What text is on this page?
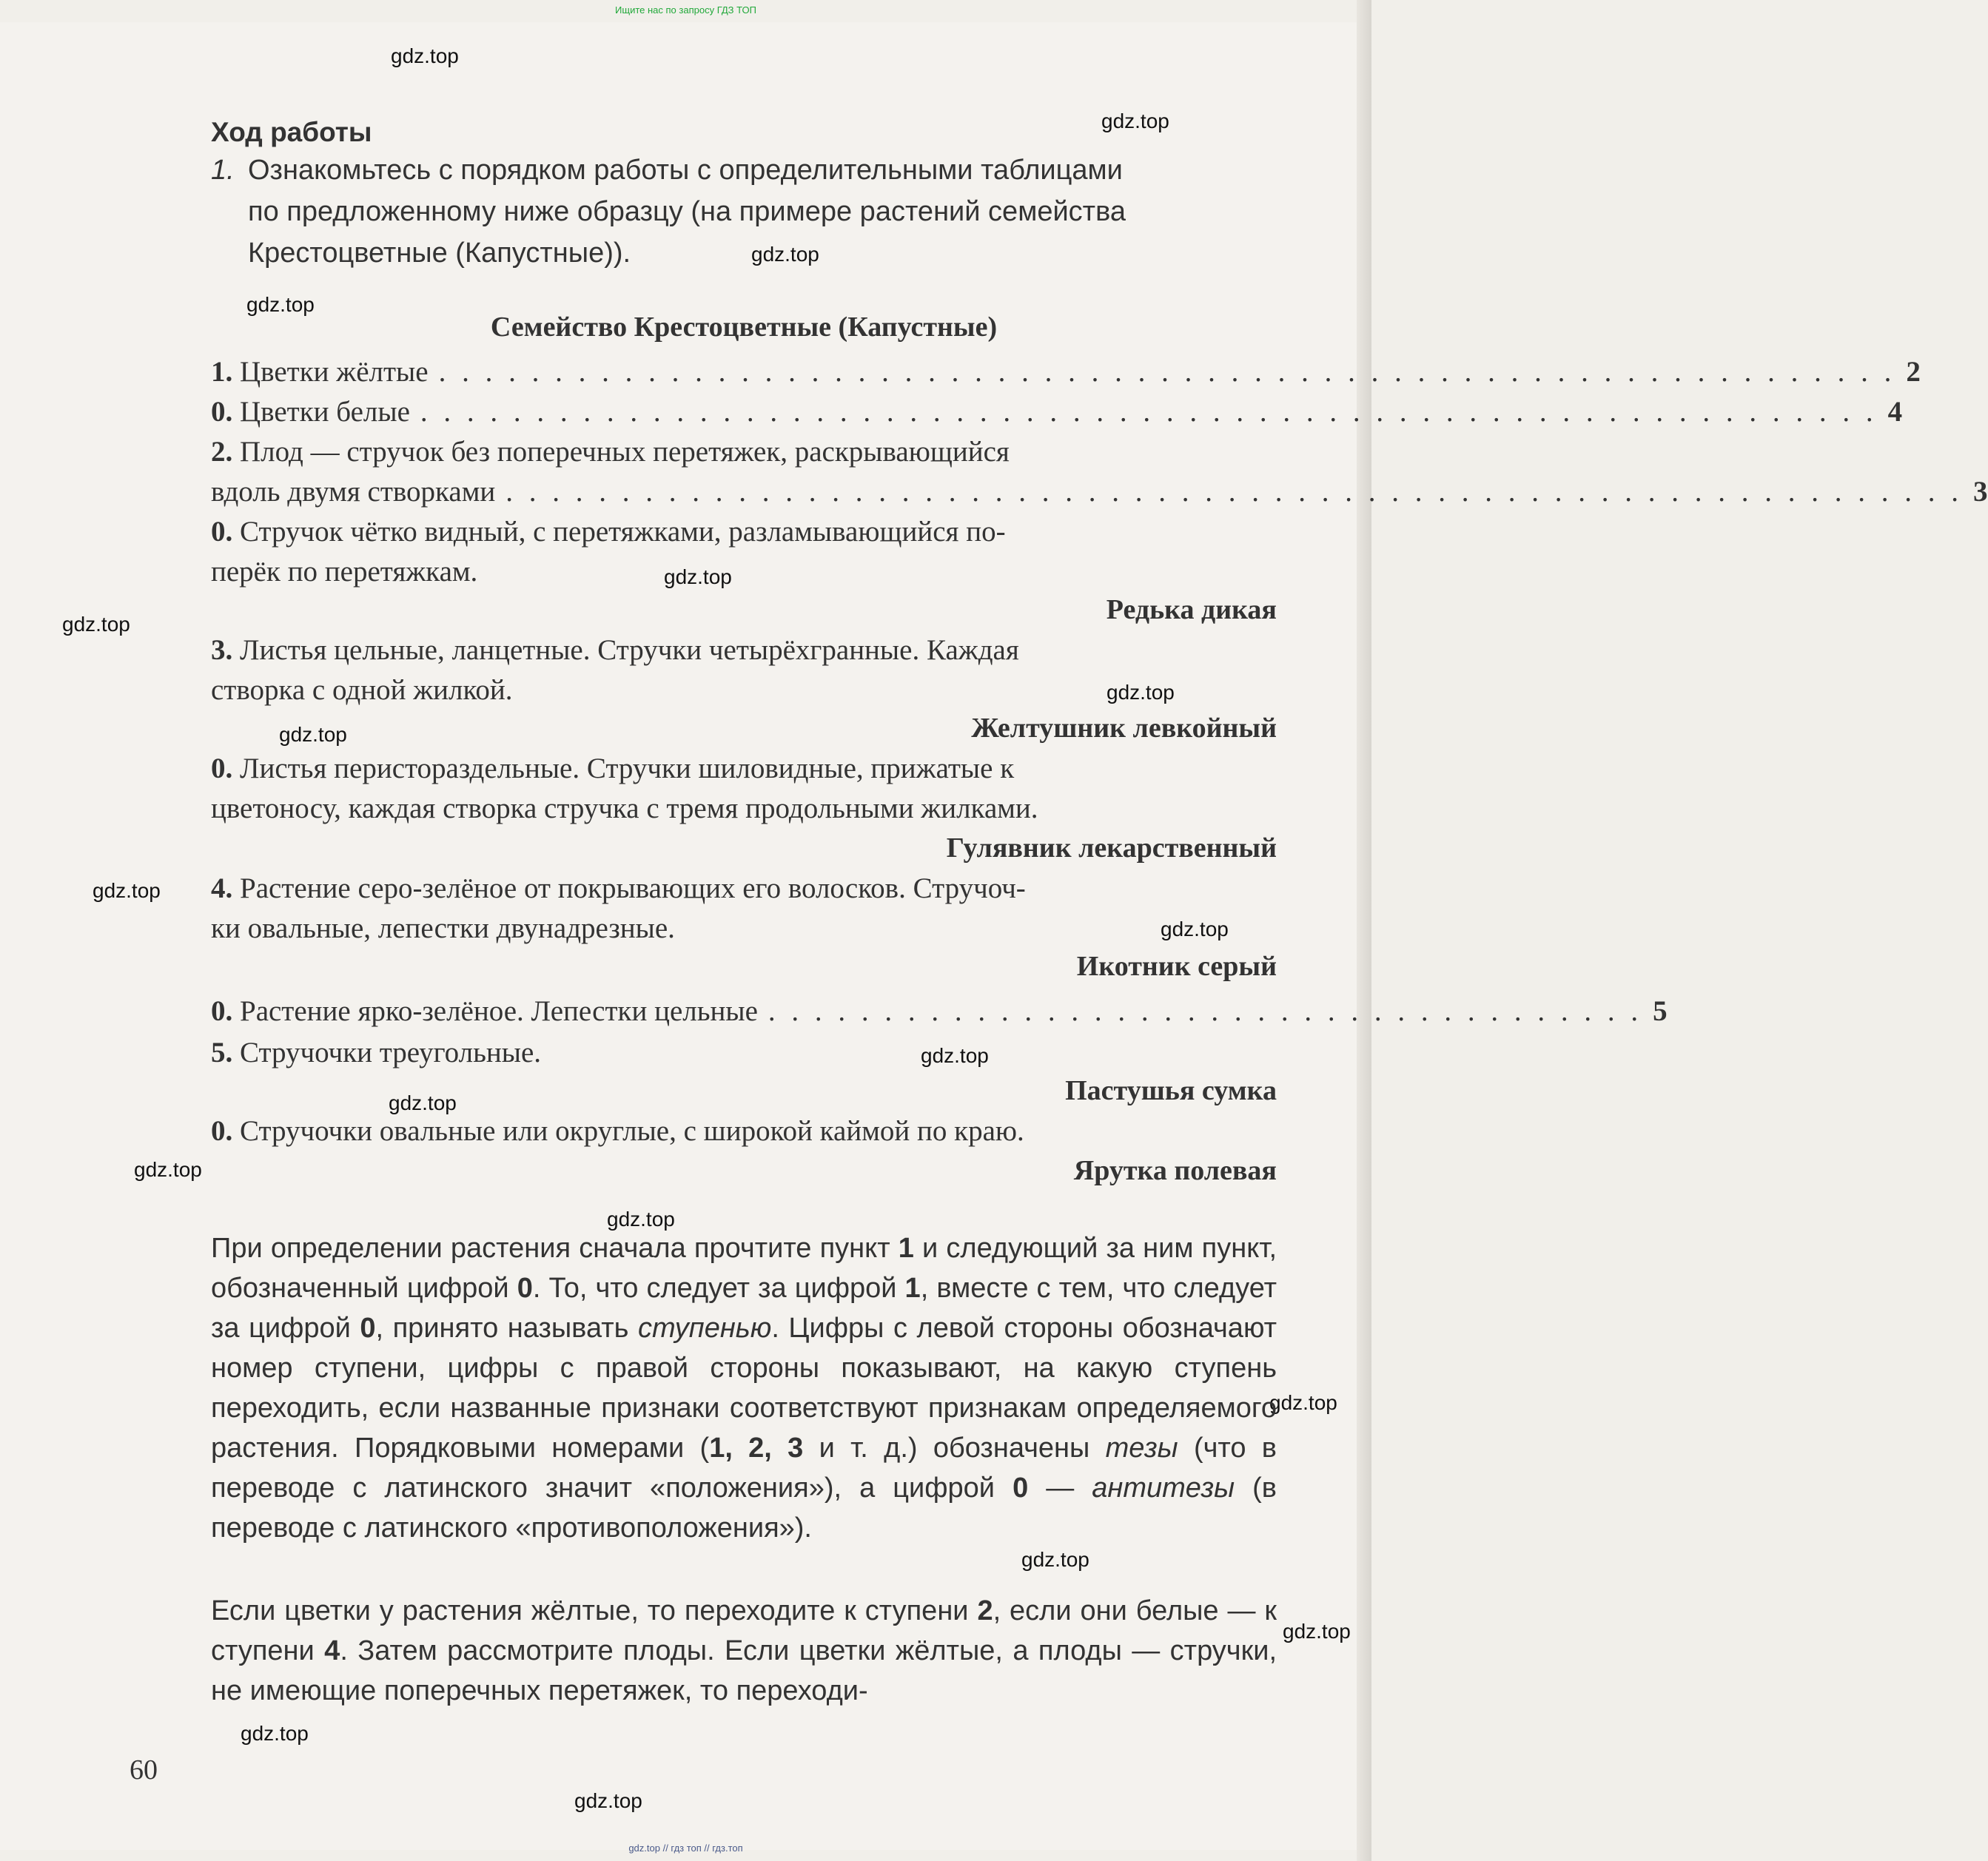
Ищите нас по запросу ГДЗ ТОП
gdz.top
gdz.top
gdz.top
gdz.top
gdz.top
gdz.top
gdz.top
gdz.top
gdz.top
gdz.top
gdz.top
gdz.top
gdz.top
gdz.top
gdz.top
gdz.top
gdz.top
gdz.top
gdz.top
Ход работы
1. Ознакомьтесь с порядком работы с определительными таблицами
по предложенному ниже образцу (на примере растений семейства
Крестоцветные (Капустные)).
Семейство Крестоцветные (Капустные)
1. Цветки жёлтые . . . . . . . . . . . . . . . . . . . . . . . . . . . . . . . . . . . . . . . . . . . . . . . . . . . . . . . . . . . . . . . 2
0. Цветки белые . . . . . . . . . . . . . . . . . . . . . . . . . . . . . . . . . . . . . . . . . . . . . . . . . . . . . . . . . . . . . . . 4
2. Плод — стручок без поперечных перетяжек, раскрывающийся
вдоль двумя створками . . . . . . . . . . . . . . . . . . . . . . . . . . . . . . . . . . . . . . . . . . . . . . . . . . . . . . . . . . . . . . . 3
0. Стручок чётко видный, с перетяжками, разламывающийся по-
перёк по перетяжкам.
Редька дикая
3. Листья цельные, ланцетные. Стручки четырёхгранные. Каждая
створка с одной жилкой.
Желтушник левкойный
0. Листья перистораздельные. Стручки шиловидные, прижатые к
цветоносу, каждая створка стручка с тремя продольными жилками.
Гулявник лекарственный
4. Растение серо-зелёное от покрывающих его волосков. Стручоч-
ки овальные, лепестки двунадрезные.
Икотник серый
0. Растение ярко-зелёное. Лепестки цельные . . . . . . . . . . . . . . . . . . . . . . . . . . . . . . . . . . . . . . 5
5. Стручочки треугольные.
Пастушья сумка
0. Стручочки овальные или округлые, с широкой каймой по краю.
Ярутка полевая
При определении растения сначала прочтите пункт 1 и следующий за ним пункт, обозначенный цифрой 0. То, что следует за цифрой 1, вместе с тем, что следует за цифрой 0, принято называть ступенью. Цифры с левой стороны обозначают номер ступени, цифры с правой стороны показывают, на какую ступень переходить, если названные признаки соответствуют признакам определяемого растения. Порядковыми номерами (1, 2, 3 и т. д.) обозначены тезы (что в переводе с латинского значит «положения»), а цифрой 0 — антитезы (в переводе с латинского «противоположения»).
Если цветки у растения жёлтые, то переходите к ступени 2, если они белые — к ступени 4. Затем рассмотрите плоды. Если цветки жёлтые, а плоды — стручки, не имеющие поперечных перетяжек, то переходи-
60
gdz.top // гдз топ // гдз.топ
